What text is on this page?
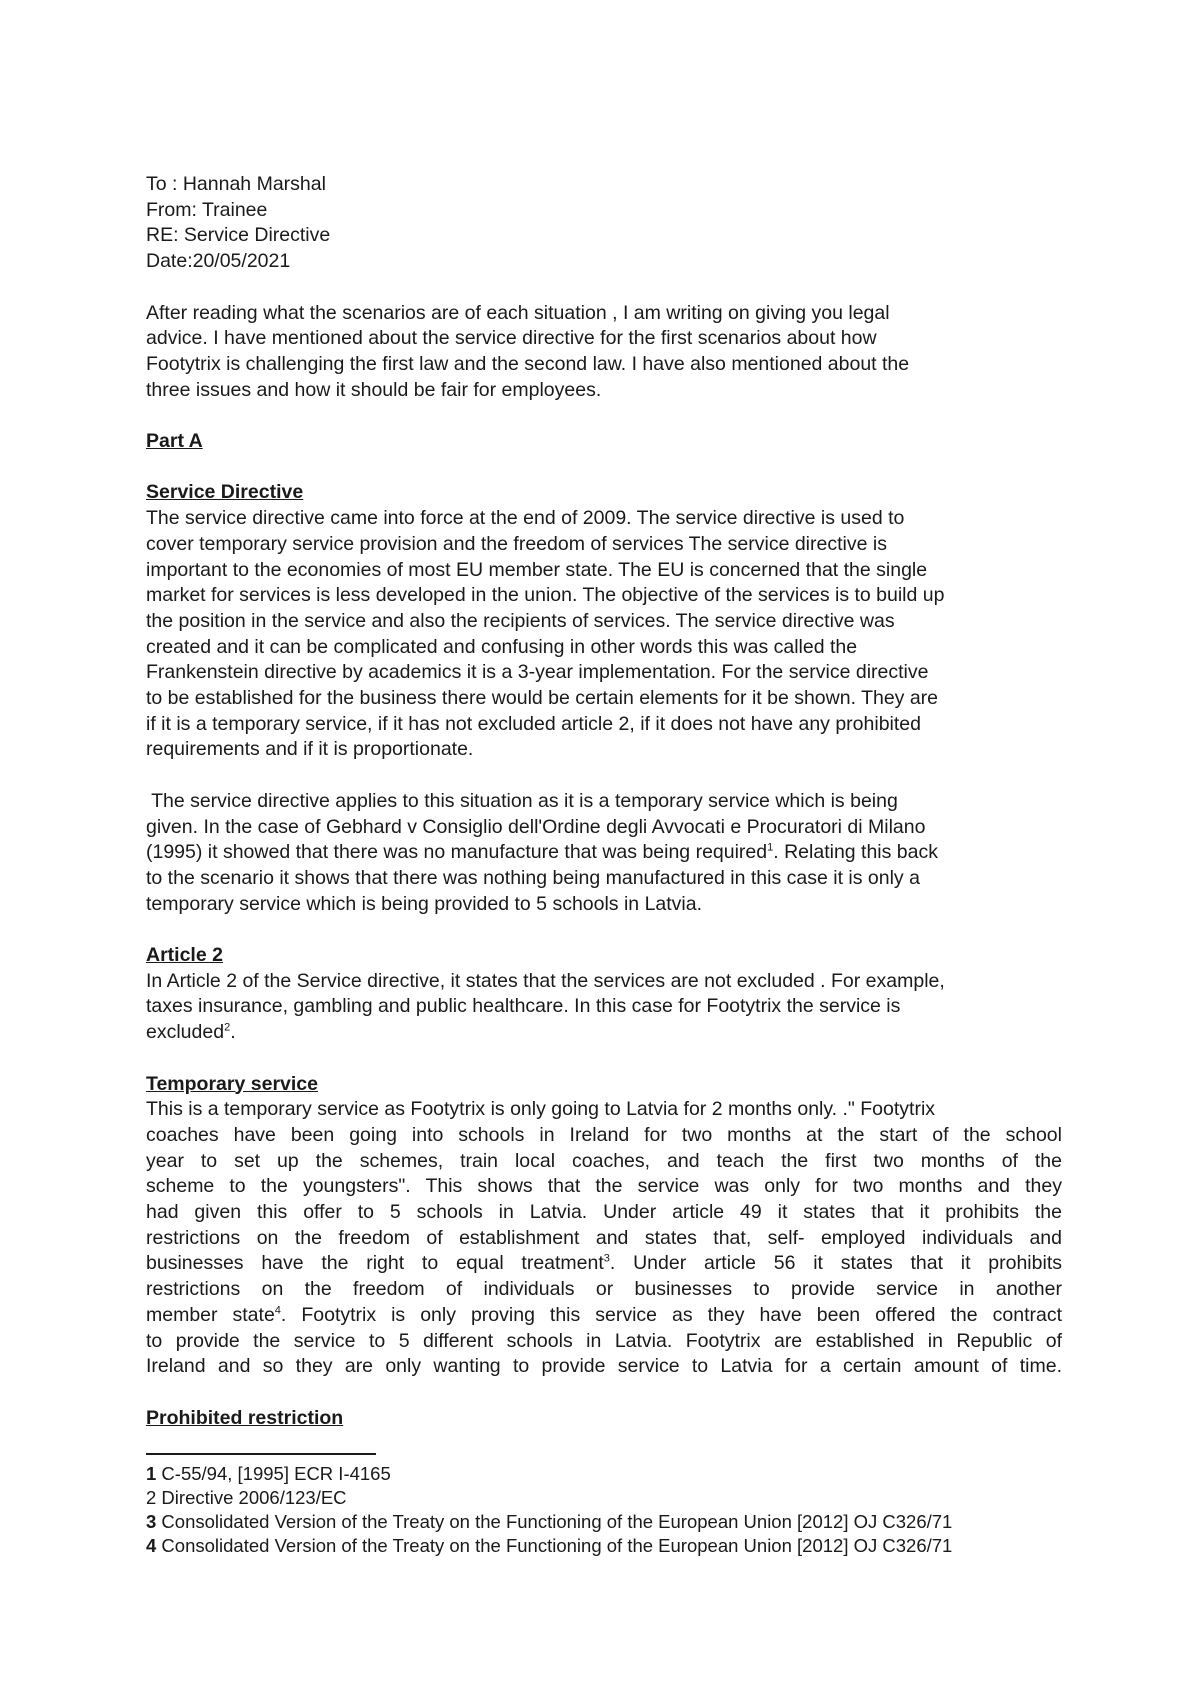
To : Hannah Marshal
From: Trainee
RE: Service Directive
Date:20/05/2021
After reading what the scenarios are of each situation , I am writing on giving you legal
advice. I have mentioned about the service directive for the first scenarios about how
Footytrix is challenging the first law and the second law. I have also mentioned about the
three issues and how it should be fair for employees.
Part A
Service Directive
The service directive came into force at the end of 2009. The service directive is used to
cover temporary service provision and the freedom of services The service directive is
important to the economies of most EU member state. The EU is concerned that the single
market for services is less developed in the union. The objective of the services is to build up
the position in the service and also the recipients of services. The service directive was
created and it can be complicated and confusing in other words this was called the
Frankenstein directive by academics it is a 3-year implementation. For the service directive
to be established for the business there would be certain elements for it be shown. They are
if it is a temporary service, if it has not excluded article 2, if it does not have any prohibited
requirements and if it is proportionate.
The service directive applies to this situation as it is a temporary service which is being
given. In the case of Gebhard v Consiglio dell'Ordine degli Avvocati e Procuratori di Milano
(1995) it showed that there was no manufacture that was being required$^1$. Relating this back
to the scenario it shows that there was nothing being manufactured in this case it is only a
temporary service which is being provided to 5 schools in Latvia.
Article 2
In Article 2 of the Service directive, it states that the services are not excluded . For example,
taxes insurance, gambling and public healthcare. In this case for Footytrix the service is
excluded$^2$.
Temporary service
This is a temporary service as Footytrix is only going to Latvia for 2 months only. ." Footytrix
coaches have been going into schools in Ireland for two months at the start of the school
year to set up the schemes, train local coaches, and teach the first two months of the
scheme to the youngsters". This shows that the service was only for two months and they
had given this offer to 5 schools in Latvia. Under article 49 it states that it prohibits the
restrictions on the freedom of establishment and states that, self- employed individuals and
businesses have the right to equal treatment$^3$. Under article 56 it states that it prohibits
restrictions on the freedom of individuals or businesses to provide service in another
member state$^4$. Footytrix is only proving this service as they have been offered the contract
to provide the service to 5 different schools in Latvia. Footytrix are established in Republic of
Ireland and so they are only wanting to provide service to Latvia for a certain amount of time.
Prohibited restriction
1 C-55/94, [1995] ECR I-4165
2 Directive 2006/123/EC
3 Consolidated Version of the Treaty on the Functioning of the European Union [2012] OJ C326/71
4 Consolidated Version of the Treaty on the Functioning of the European Union [2012] OJ C326/71
